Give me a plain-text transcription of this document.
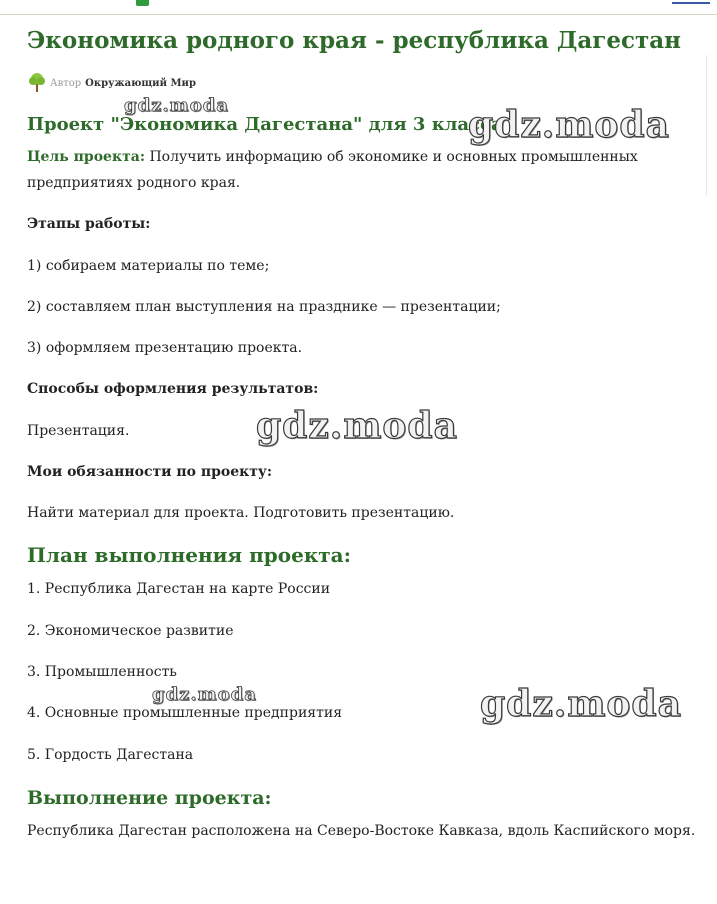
Экономика родного края - республика Дагестан
Автор Окружающий Мир
Проект "Экономика Дагестана" для 3 класса

Цель проекта: Получить информацию об экономике и основных промышленных

предприятиях родного края.

Этапы работы:

1) собираем материалы по теме;

2) составляем план выступления на празднике — презентации;

3) оформляем презентацию проекта.

Способы оформления результатов:

Презентация.

Мои обязанности по проекту:

Найти материал для проекта. Подготовить презентацию.

План выполнения проекта:

1. Республика Дагестан на карте России

2. Экономическое развитие

3. Промышленность

4. Основные промышленные предприятия

5. Гордость Дагестана

Выполнение проекта:

Республика Дагестан расположена на Северо-Востоке Кавказа, вдоль Каспийского моря.

gdz.moda	gdz.moda
gdz.moda
gdz.moda	gdz.moda
